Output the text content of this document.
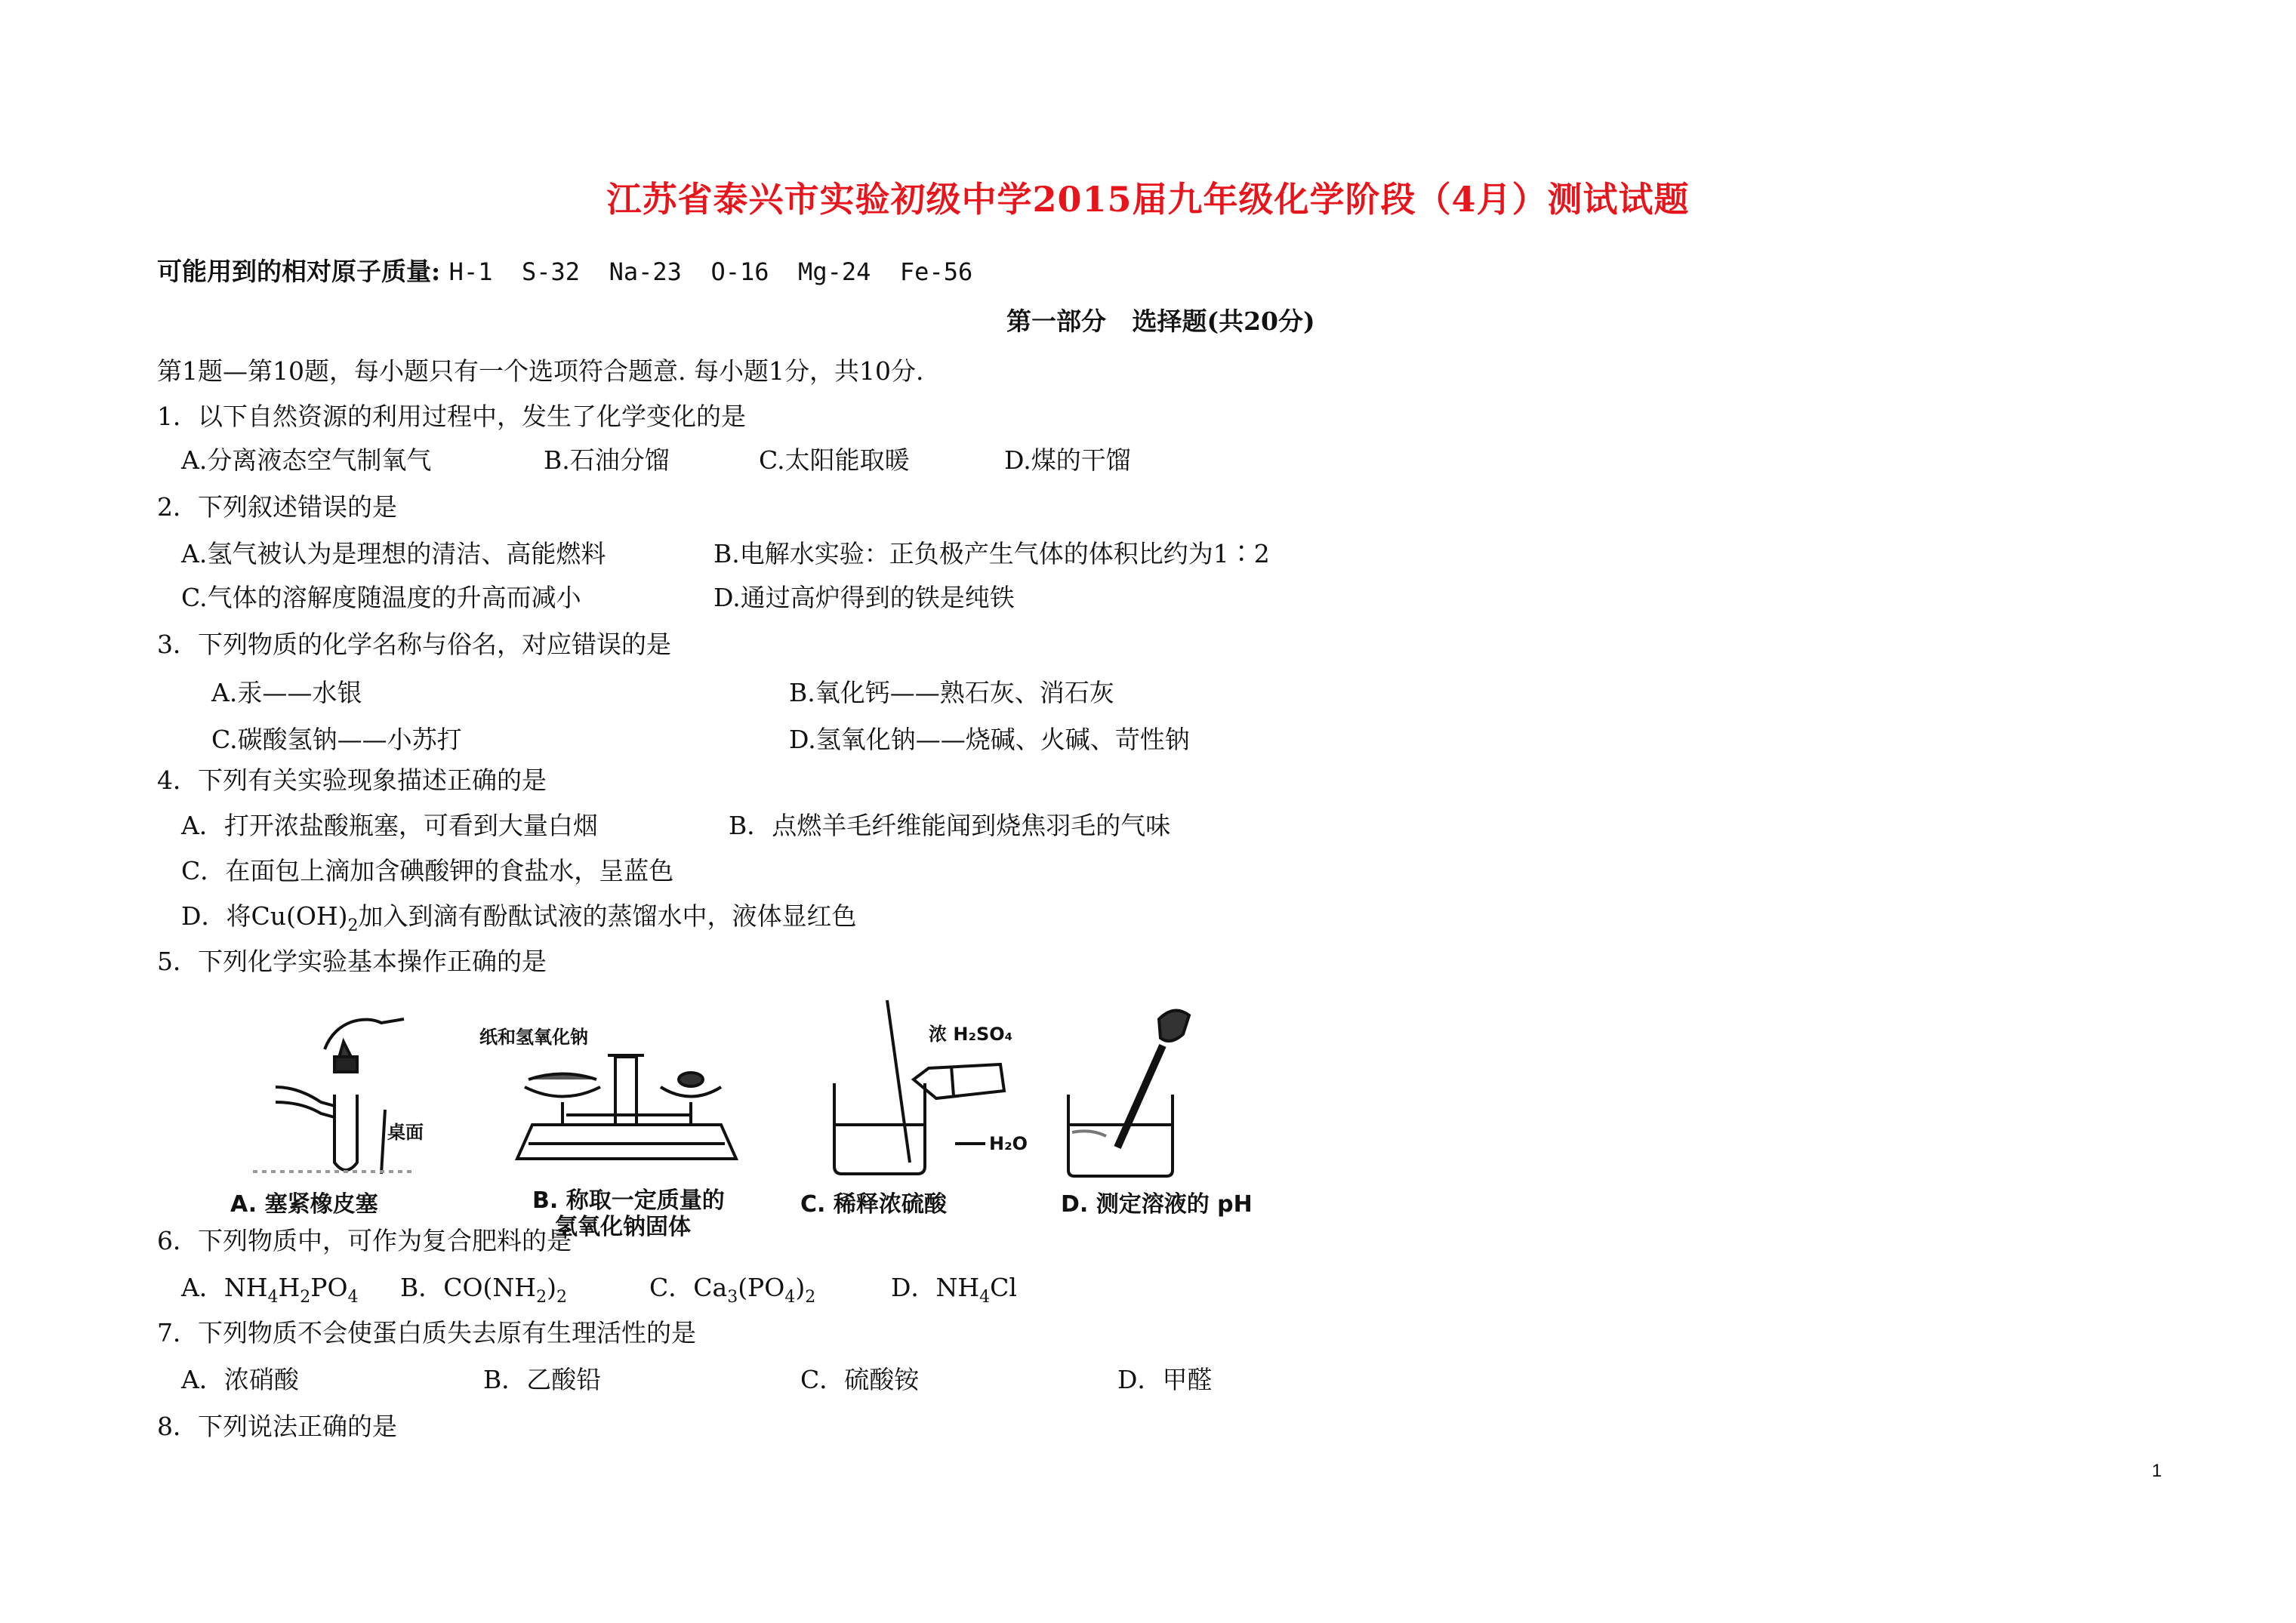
江苏省泰兴市实验初级中学2015届九年级化学阶段（4月）测试试题
可能用到的相对原子质量: H-1  S-32  Na-23  O-16  Mg-24  Fe-56
第一部分   选择题(共20分)
第1题—第10题，每小题只有一个选项符合题意. 每小题1分，共10分.
1．以下自然资源的利用过程中，发生了化学变化的是
A.分离液态空气制氧气	B.石油分馏	C.太阳能取暖	D.煤的干馏
2．下列叙述错误的是
A.氢气被认为是理想的清洁、高能燃料	B.电解水实验：正负极产生气体的体积比约为1∶2
C.气体的溶解度随温度的升高而减小	D.通过高炉得到的铁是纯铁
3．下列物质的化学名称与俗名，对应错误的是
A.汞——水银	B.氧化钙——熟石灰、消石灰
C.碳酸氢钠——小苏打	D.氢氧化钠——烧碱、火碱、苛性钠
4．下列有关实验现象描述正确的是
A．打开浓盐酸瓶塞，可看到大量白烟	B．点燃羊毛纤维能闻到烧焦羽毛的气味
C．在面包上滴加含碘酸钾的食盐水，呈蓝色
D．将$Cu(OH)_2$加入到滴有酚酞试液的蒸馏水中，液体显红色
5．下列化学实验基本操作正确的是
桌面
A. 塞紧橡皮塞
纸和氢氧化钠
B. 称取一定质量的
氢氧化钠固体
浓 H₂SO₄
H₂O
C. 稀释浓硫酸	D. 测定溶液的 pH
6．下列物质中，可作为复合肥料的是
A．$NH_4H_2PO_4$ B．$CO(NH_2)_2$	C．$Ca_3(PO_4)_2$	D．$NH_4Cl$
7．下列物质不会使蛋白质失去原有生理活性的是
A．浓硝酸	B．乙酸铅	C．硫酸铵	D．甲醛
8．下列说法正确的是
1
